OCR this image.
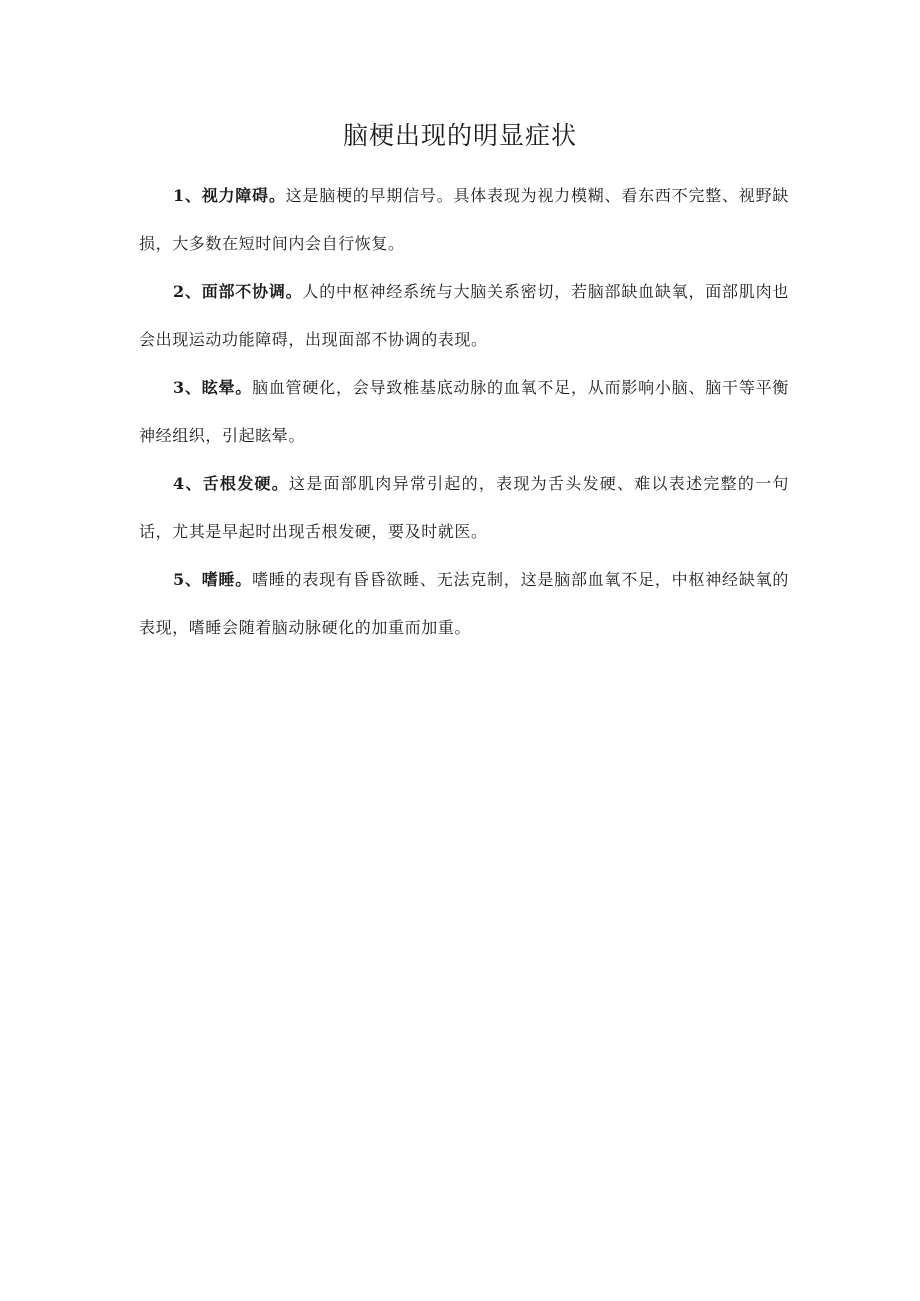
脑梗出现的明显症状

1、视力障碍。这是脑梗的早期信号。具体表现为视力模糊、看东西不完整、视野缺损，大多数在短时间内会自行恢复。

2、面部不协调。人的中枢神经系统与大脑关系密切，若脑部缺血缺氧，面部肌肉也会出现运动功能障碍，出现面部不协调的表现。

3、眩晕。脑血管硬化，会导致椎基底动脉的血氧不足，从而影响小脑、脑干等平衡神经组织，引起眩晕。

4、舌根发硬。这是面部肌肉异常引起的，表现为舌头发硬、难以表述完整的一句话，尤其是早起时出现舌根发硬，要及时就医。

5、嗜睡。嗜睡的表现有昏昏欲睡、无法克制，这是脑部血氧不足，中枢神经缺氧的表现，嗜睡会随着脑动脉硬化的加重而加重。
